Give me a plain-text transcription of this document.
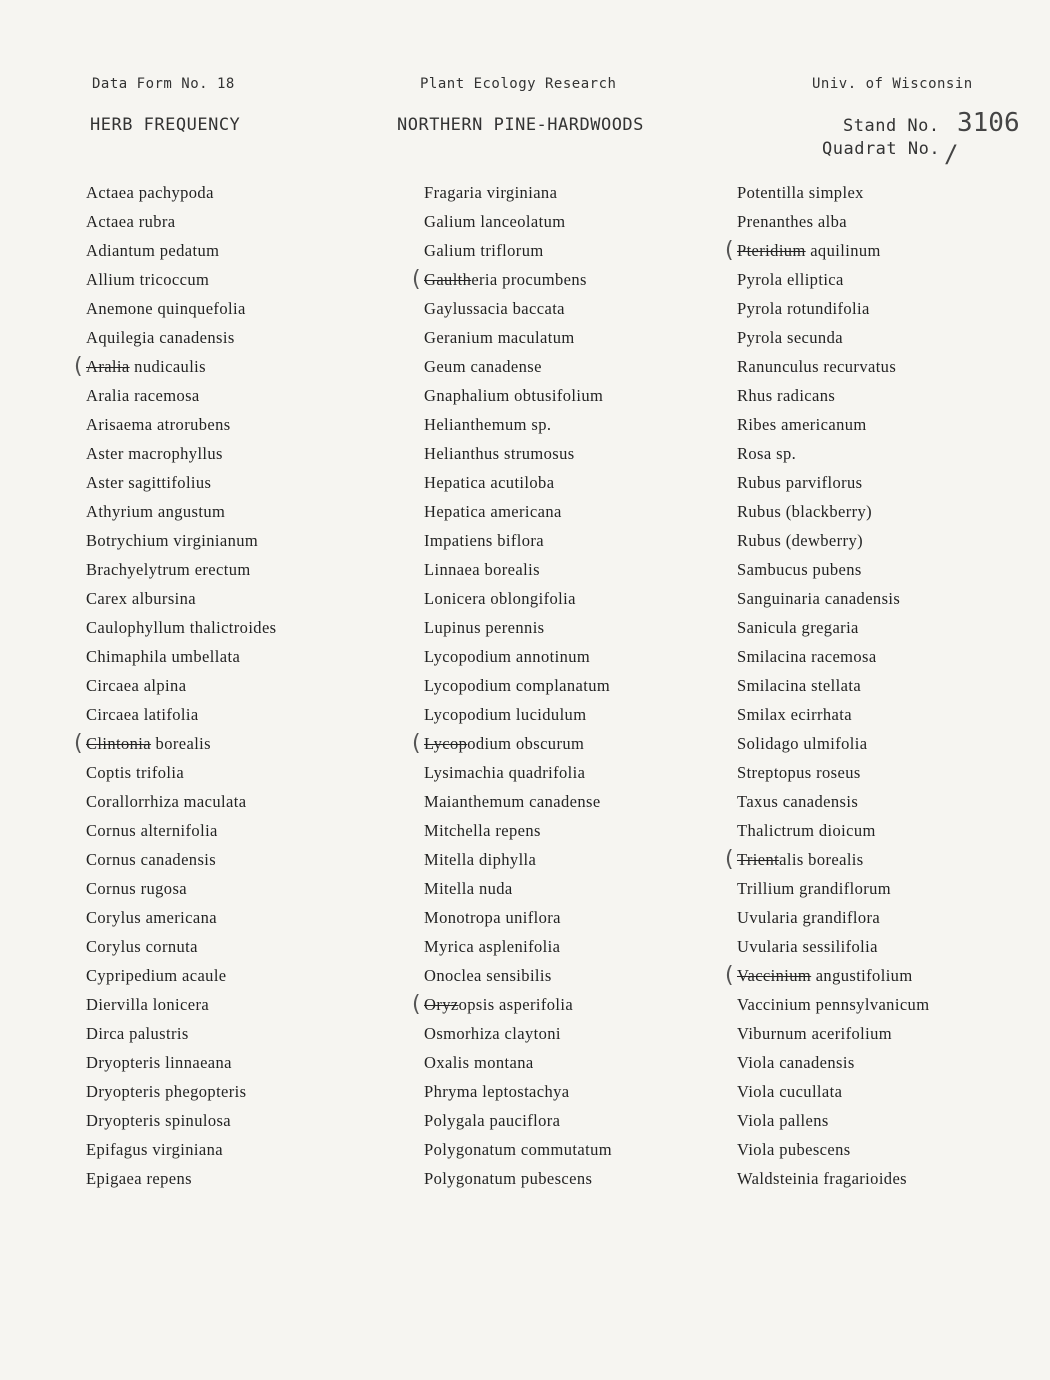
Data Form No. 18	Plant Ecology Research	Univ. of Wisconsin
HERB FREQUENCY	NORTHERN PINE-HARDWOODS	Stand No. 3106
Quadrat No. /
Actaea pachypoda
Actaea rubra
Adiantum pedatum
Allium tricoccum
Anemone quinquefolia
Aquilegia canadensis
( Aralia nudicaulis
Aralia racemosa
Arisaema atrorubens
Aster macrophyllus
Aster sagittifolius
Athyrium angustum
Botrychium virginianum
Brachyelytrum erectum
Carex albursina
Caulophyllum thalictroides
Chimaphila umbellata
Circaea alpina
Circaea latifolia
( Clintonia borealis
Coptis trifolia
Corallorrhiza maculata
Cornus alternifolia
Cornus canadensis
Cornus rugosa
Corylus americana
Corylus cornuta
Cypripedium acaule
Diervilla lonicera
Dirca palustris
Dryopteris linnaeana
Dryopteris phegopteris
Dryopteris spinulosa
Epifagus virginiana
Epigaea repens
Fragaria virginiana
Galium lanceolatum
Galium triflorum
( Gaultheria procumbens
Gaylussacia baccata
Geranium maculatum
Geum canadense
Gnaphalium obtusifolium
Helianthemum sp.
Helianthus strumosus
Hepatica acutiloba
Hepatica americana
Impatiens biflora
Linnaea borealis
Lonicera oblongifolia
Lupinus perennis
Lycopodium annotinum
Lycopodium complanatum
Lycopodium lucidulum
( Lycopodium obscurum
Lysimachia quadrifolia
Maianthemum canadense
Mitchella repens
Mitella diphylla
Mitella nuda
Monotropa uniflora
Myrica asplenifolia
Onoclea sensibilis
( Oryzopsis asperifolia
Osmorhiza claytoni
Oxalis montana
Phryma leptostachya
Polygala pauciflora
Polygonatum commutatum
Polygonatum pubescens
Potentilla simplex
Prenanthes alba
( Pteridium aquilinum
Pyrola elliptica
Pyrola rotundifolia
Pyrola secunda
Ranunculus recurvatus
Rhus radicans
Ribes americanum
Rosa sp.
Rubus parviflorus
Rubus (blackberry)
Rubus (dewberry)
Sambucus pubens
Sanguinaria canadensis
Sanicula gregaria
Smilacina racemosa
Smilacina stellata
Smilax ecirrhata
Solidago ulmifolia
Streptopus roseus
Taxus canadensis
Thalictrum dioicum
( Trientalis borealis
Trillium grandiflorum
Uvularia grandiflora
Uvularia sessilifolia
( Vaccinium angustifolium
Vaccinium pennsylvanicum
Viburnum acerifolium
Viola canadensis
Viola cucullata
Viola pallens
Viola pubescens
Waldsteinia fragarioides
